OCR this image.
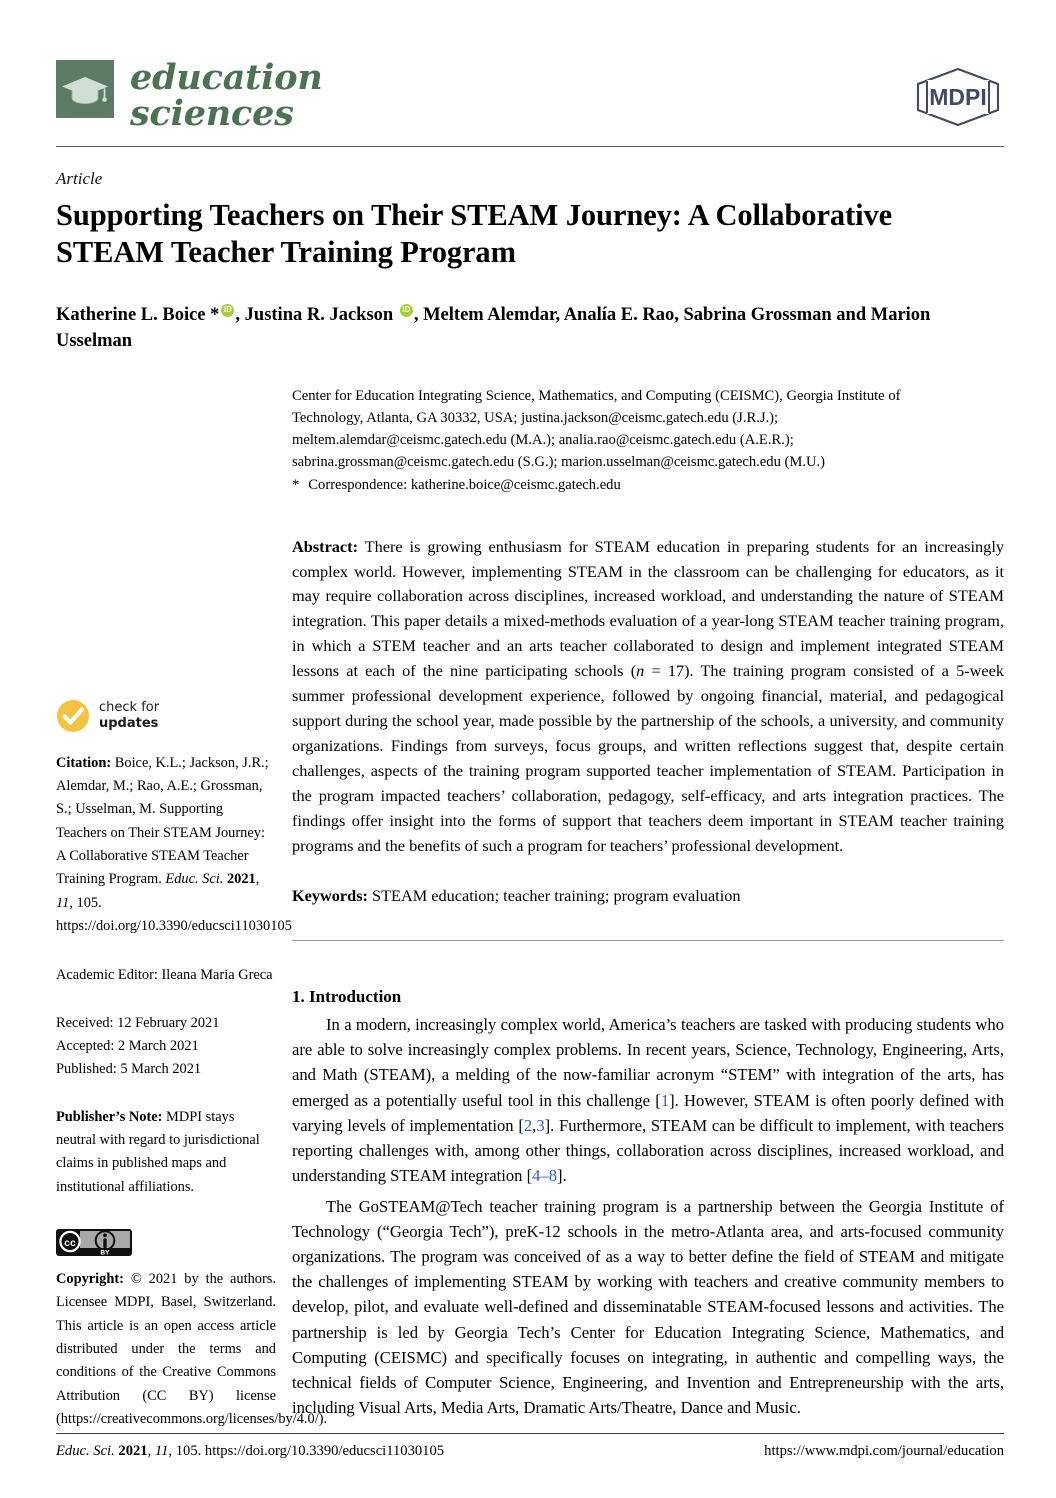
education
sciences	MDPI
Article
Supporting Teachers on Their STEAM Journey: A Collaborative STEAM Teacher Training Program
Katherine L. Boice * iD , Justina R. Jackson iD, Meltem Alemdar, Analía E. Rao, Sabrina Grossman and Marion Usselman
check for
updates
Citation: Boice, K.L.; Jackson, J.R.; Alemdar, M.; Rao, A.E.; Grossman, S.; Usselman, M. Supporting Teachers on Their STEAM Journey: A Collaborative STEAM Teacher Training Program. Educ. Sci. 2021, 11, 105. https://doi.org/10.3390/educsci11030105
Academic Editor: Ileana Maria Greca
Received: 12 February 2021
Accepted: 2 March 2021
Published: 5 March 2021
Publisher’s Note: MDPI stays neutral with regard to jurisdictional claims in published maps and institutional affiliations.
cc
BY
Copyright: © 2021 by the authors. Licensee MDPI, Basel, Switzerland. This article is an open access article distributed under the terms and conditions of the Creative Commons Attribution (CC BY) license (https://creativecommons.org/licenses/by/4.0/).
Center for Education Integrating Science, Mathematics, and Computing (CEISMC), Georgia Institute of
Technology, Atlanta, GA 30332, USA; justina.jackson@ceismc.gatech.edu (J.R.J.);
meltem.alemdar@ceismc.gatech.edu (M.A.); analia.rao@ceismc.gatech.edu (A.E.R.);
sabrina.grossman@ceismc.gatech.edu (S.G.); marion.usselman@ceismc.gatech.edu (M.U.)
* Correspondence: katherine.boice@ceismc.gatech.edu
Abstract: There is growing enthusiasm for STEAM education in preparing students for an increasingly complex world. However, implementing STEAM in the classroom can be challenging for educators, as it may require collaboration across disciplines, increased workload, and understanding the nature of STEAM integration. This paper details a mixed-methods evaluation of a year-long STEAM teacher training program, in which a STEM teacher and an arts teacher collaborated to design and implement integrated STEAM lessons at each of the nine participating schools (n = 17). The training program consisted of a 5-week summer professional development experience, followed by ongoing financial, material, and pedagogical support during the school year, made possible by the partnership of the schools, a university, and community organizations. Findings from surveys, focus groups, and written reflections suggest that, despite certain challenges, aspects of the training program supported teacher implementation of STEAM. Participation in the program impacted teachers’ collaboration, pedagogy, self-efficacy, and arts integration practices. The findings offer insight into the forms of support that teachers deem important in STEAM teacher training programs and the benefits of such a program for teachers’ professional development.
Keywords: STEAM education; teacher training; program evaluation
1. Introduction
In a modern, increasingly complex world, America’s teachers are tasked with producing students who are able to solve increasingly complex problems. In recent years, Science, Technology, Engineering, Arts, and Math (STEAM), a melding of the now-familiar acronym “STEM” with integration of the arts, has emerged as a potentially useful tool in this challenge [1]. However, STEAM is often poorly defined with varying levels of implementation [2,3]. Furthermore, STEAM can be difficult to implement, with teachers reporting challenges with, among other things, collaboration across disciplines, increased workload, and understanding STEAM integration [4–8].
The GoSTEAM@Tech teacher training program is a partnership between the Georgia Institute of Technology (“Georgia Tech”), preK-12 schools in the metro-Atlanta area, and arts-focused community organizations. The program was conceived of as a way to better define the field of STEAM and mitigate the challenges of implementing STEAM by working with teachers and creative community members to develop, pilot, and evaluate well-defined and disseminatable STEAM-focused lessons and activities. The partnership is led by Georgia Tech’s Center for Education Integrating Science, Mathematics, and Computing (CEISMC) and specifically focuses on integrating, in authentic and compelling ways, the technical fields of Computer Science, Engineering, and Invention and Entrepreneurship with the arts, including Visual Arts, Media Arts, Dramatic Arts/Theatre, Dance and Music.
Educ. Sci. 2021, 11, 105. https://doi.org/10.3390/educsci11030105	https://www.mdpi.com/journal/education
